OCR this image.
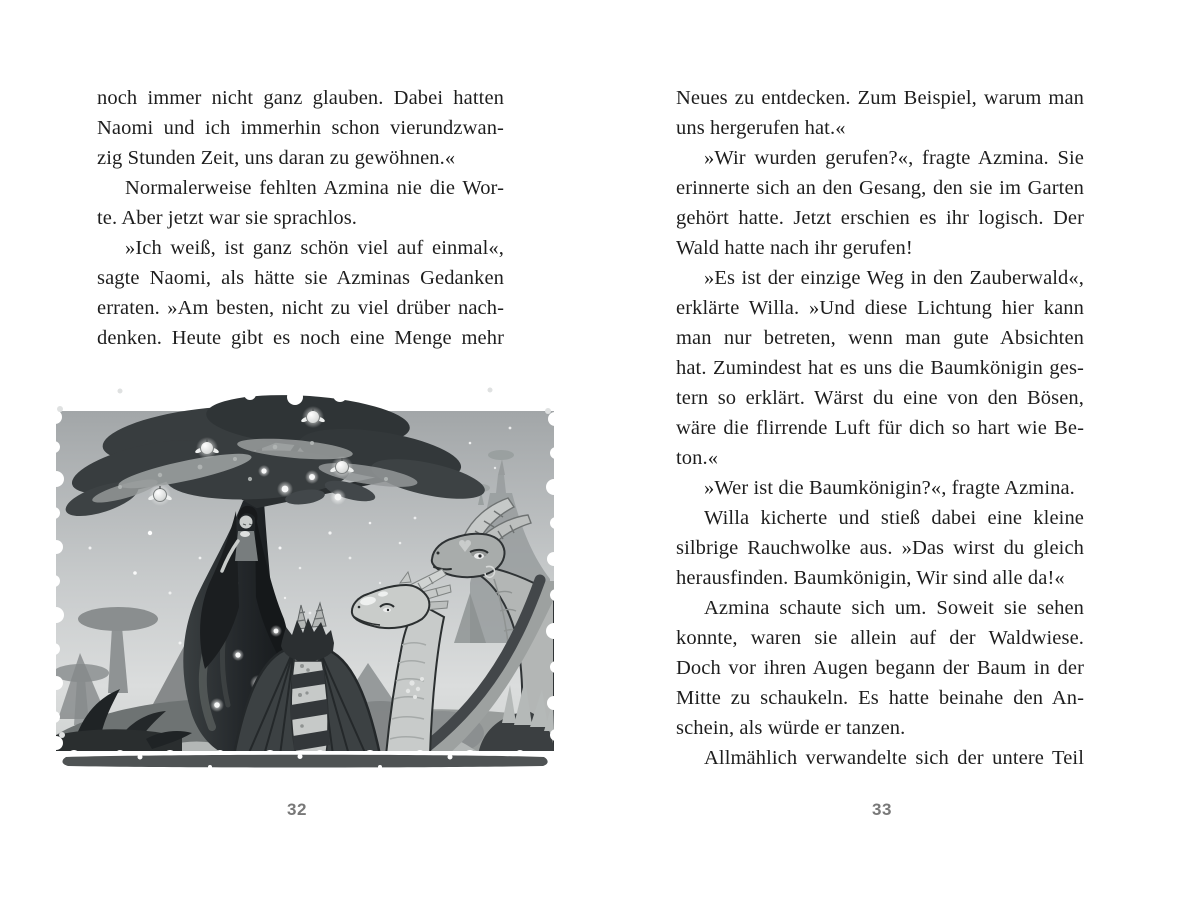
noch immer nicht ganz glauben. Dabei hatten
Naomi und ich immerhin schon vierundzwan-
zig Stunden Zeit, uns daran zu gewöhnen.«
Normalerweise fehlten Azmina nie die Wor-
te. Aber jetzt war sie sprachlos.
»Ich weiß, ist ganz schön viel auf einmal«,
sagte Naomi, als hätte sie Azminas Gedanken
erraten. »Am besten, nicht zu viel drüber nach-
denken. Heute gibt es noch eine Menge mehr
Neues zu entdecken. Zum Beispiel, warum man
uns hergerufen hat.«
»Wir wurden gerufen?«, fragte Azmina. Sie
erinnerte sich an den Gesang, den sie im Garten
gehört hatte. Jetzt erschien es ihr logisch. Der
Wald hatte nach ihr gerufen!
»Es ist der einzige Weg in den Zauberwald«,
erklärte Willa. »Und diese Lichtung hier kann
man nur betreten, wenn man gute Absichten
hat. Zumindest hat es uns die Baumkönigin ges-
tern so erklärt. Wärst du eine von den Bösen,
wäre die flirrende Luft für dich so hart wie Be-
ton.«
»Wer ist die Baumkönigin?«, fragte Azmina.
Willa kicherte und stieß dabei eine kleine
silbrige Rauchwolke aus. »Das wirst du gleich
herausfinden. Baumkönigin, Wir sind alle da!«
Azmina schaute sich um. Soweit sie sehen
konnte, waren sie allein auf der Waldwiese.
Doch vor ihren Augen begann der Baum in der
Mitte zu schaukeln. Es hatte beinahe den An-
schein, als würde er tanzen.
Allmählich verwandelte sich der untere Teil
32	33
